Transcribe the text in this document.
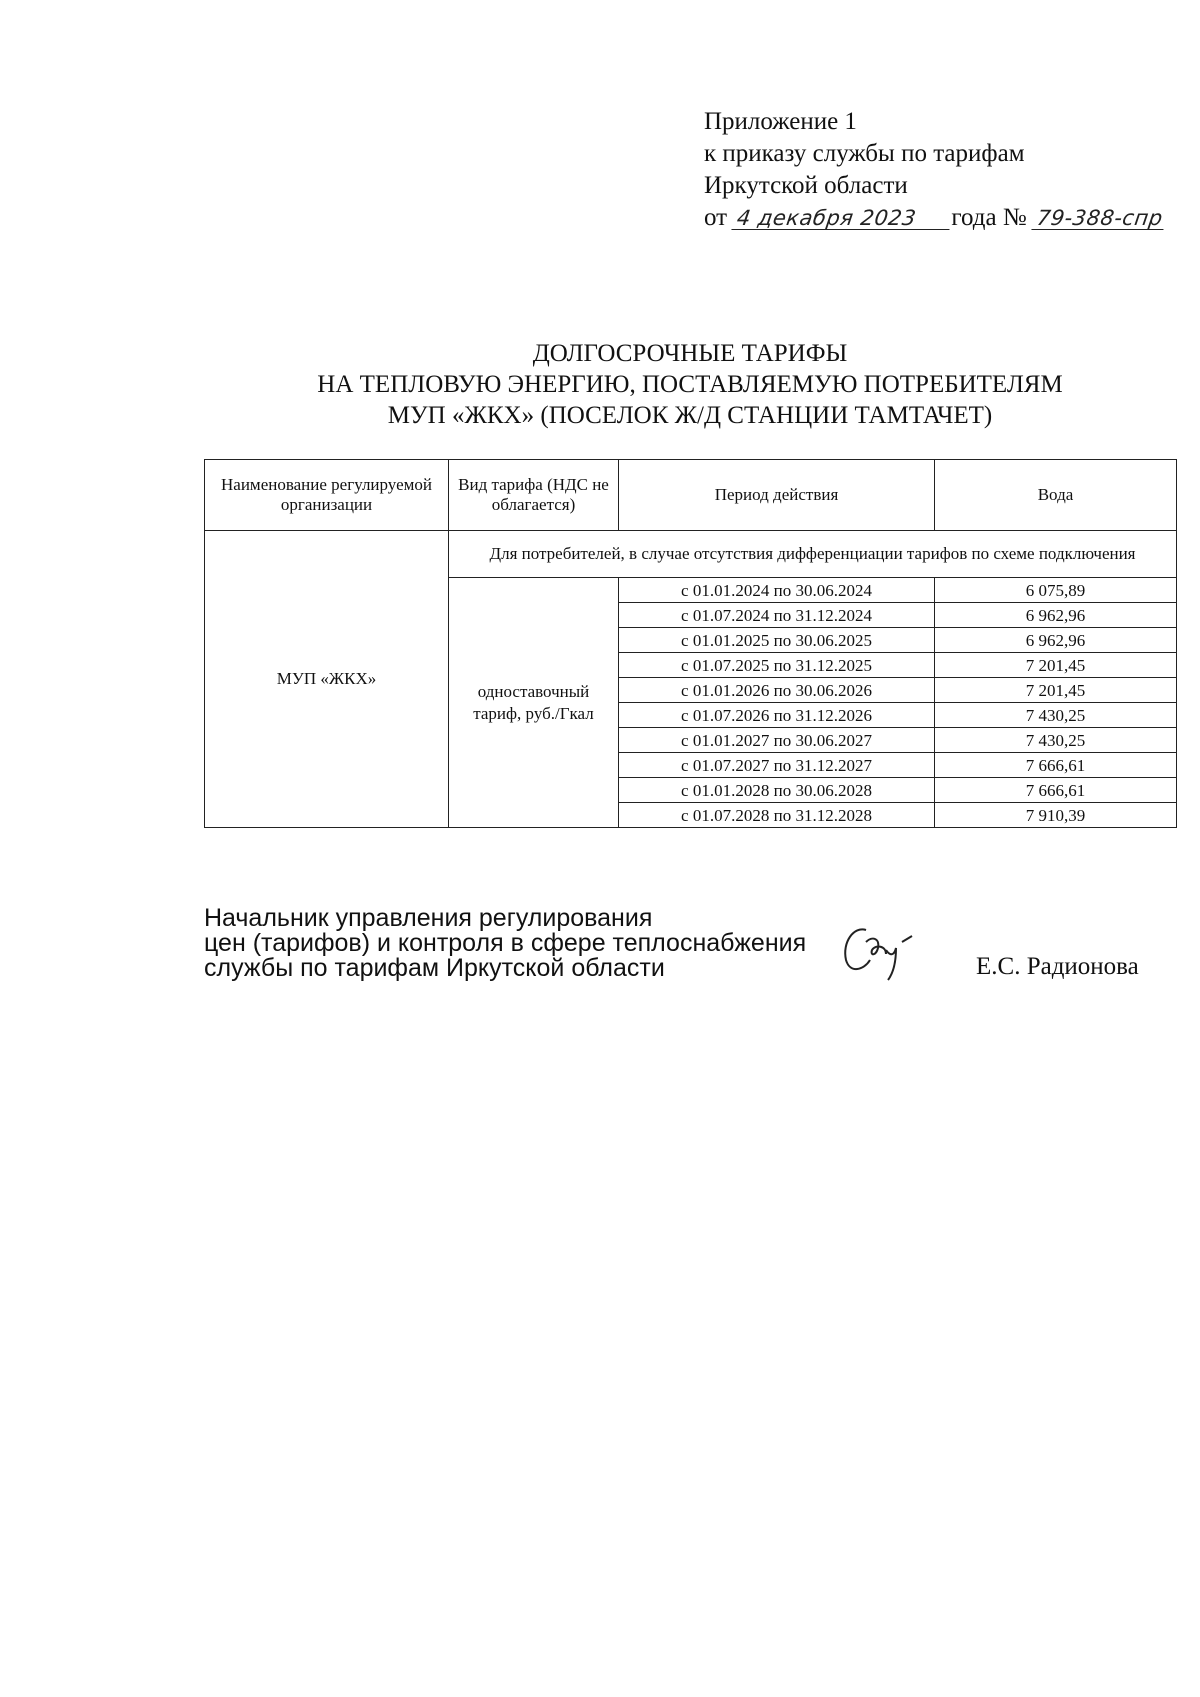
Приложение 1
к приказу службы по тарифам
Иркутской области
от 4 декабря 2023 года № 79-388-спр
ДОЛГОСРОЧНЫЕ ТАРИФЫ
НА ТЕПЛОВУЮ ЭНЕРГИЮ, ПОСТАВЛЯЕМУЮ ПОТРЕБИТЕЛЯМ
МУП «ЖКХ» (ПОСЕЛОК Ж/Д СТАНЦИИ ТАМТАЧЕТ)
Наименование регулируемой организации	Вид тарифа (НДС не облагается)	Период действия	Вода
МУП «ЖКХ»	Для потребителей, в случае отсутствия дифференциации тарифов по схеме подключения		
	одноставочный тариф, руб./Гкал	с 01.01.2024 по 30.06.2024	6 075,89
		с 01.07.2024 по 31.12.2024	6 962,96
		с 01.01.2025 по 30.06.2025	6 962,96
		с 01.07.2025 по 31.12.2025	7 201,45
		с 01.01.2026 по 30.06.2026	7 201,45
		с 01.07.2026 по 31.12.2026	7 430,25
		с 01.01.2027 по 30.06.2027	7 430,25
		с 01.07.2027 по 31.12.2027	7 666,61
		с 01.01.2028 по 30.06.2028	7 666,61
		с 01.07.2028 по 31.12.2028	7 910,39
Начальник управления регулирования
цен (тарифов) и контроля в сфере теплоснабжения
службы по тарифам Иркутской области	Е.С. Радионова
